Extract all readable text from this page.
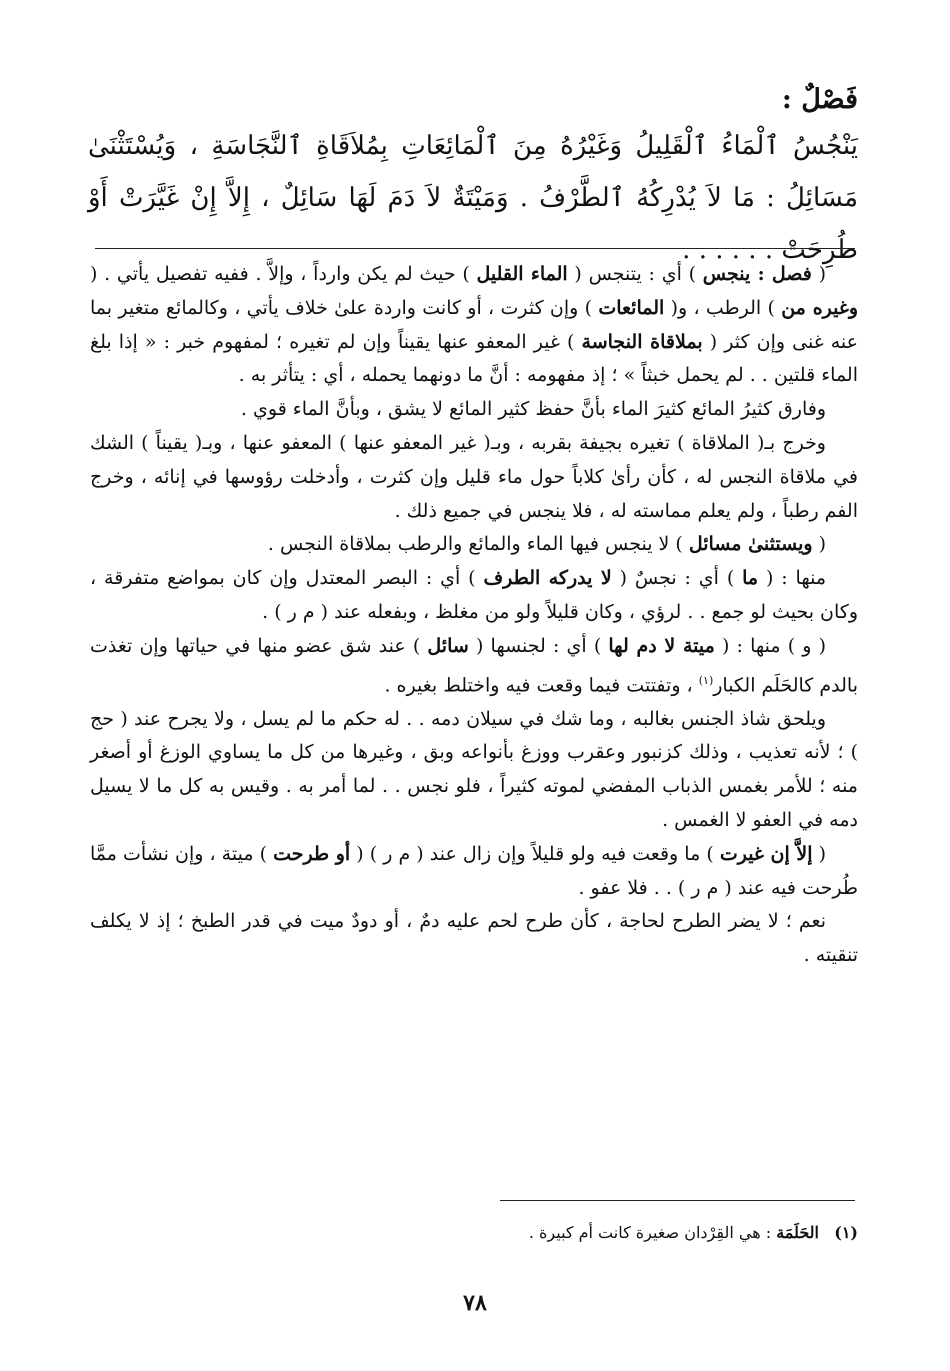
فَصْلٌ :

يَنْجُسُ ٱلْمَاءُ ٱلْقَلِيلُ وَغَيْرُهُ مِنَ ٱلْمَائِعَاتِ بِمُلاَقَاةِ ٱلنَّجَاسَةِ ، وَيُسْتَثْنَىٰ مَسَائِلُ : مَا لاَ يُدْرِكُهُ ٱلطَّرْفُ . وَمَيْتَةٌ لاَ دَمَ لَهَا سَائِلٌ ، إِلاَّ إِنْ غَيَّرَتْ أَوْ طُرِحَتْ . . . . . .

( فصل : ينجس ) أي : يتنجس ( الماء القليل ) حيث لم يكن وارداً ، وإلاَّ . ففيه تفصيل يأتي . ( وغيره من ) الرطب ، و( المائعات ) وإن كثرت ، أو كانت واردة علىٰ خلاف يأتي ، وكالمائع متغير بما عنه غنى وإن كثر ( بملاقاة النجاسة ) غير المعفو عنها يقيناً وإن لم تغيره ؛ لمفهوم خبر : « إذا بلغ الماء قلتين . . لم يحمل خبثاً » ؛ إذ مفهومه : أنَّ ما دونهما يحمله ، أي : يتأثر به .

وفارق كثيرُ المائع كثيرَ الماء بأنَّ حفظ كثير المائع لا يشق ، وبأنَّ الماء قوي .

وخرج بـ( الملاقاة ) تغيره بجيفة بقربه ، وبـ( غير المعفو عنها ) المعفو عنها ، وبـ( يقيناً ) الشك في ملاقاة النجس له ، كأن رأىٰ كلاباً حول ماء قليل وإن كثرت ، وأدخلت رؤوسها في إنائه ، وخرج الفم رطباً ، ولم يعلم مماسته له ، فلا ينجس في جميع ذلك .

( ويستثنىٰ مسائل ) لا ينجس فيها الماء والمائع والرطب بملاقاة النجس .

منها : ( ما ) أي : نجسٌ ( لا يدركه الطرف ) أي : البصر المعتدل وإن كان بمواضع متفرقة ، وكان بحيث لو جمع . . لرؤي ، وكان قليلاً ولو من مغلظ ، وبفعله عند ( م ر ) .

( و ) منها : ( ميتة لا دم لها ) أي : لجنسها ( سائل ) عند شق عضو منها في حياتها وإن تغذت بالدم كالحَلَم الكبار$^{(١)}$ ، وتفتتت فيما وقعت فيه واختلط بغيره .

ويلحق شاذ الجنس بغالبه ، وما شك في سيلان دمه . . له حكم ما لم يسل ، ولا يجرح عند ( حج ) ؛ لأنه تعذيب ، وذلك كزنبور وعقرب ووزغ بأنواعه وبق ، وغيرها من كل ما يساوي الوزغ أو أصغر منه ؛ للأمر بغمس الذباب المفضي لموته كثيراً ، فلو نجس . . لما أمر به . وقيس به كل ما لا يسيل دمه في العفو لا الغمس .

( إلاَّ إن غيرت ) ما وقعت فيه ولو قليلاً وإن زال عند ( م ر ) ( أو طرحت ) ميتة ، وإن نشأت ممَّا طُرحت فيه عند ( م ر ) . . فلا عفو .

نعم ؛ لا يضر الطرح لحاجة ، كأن طرح لحم عليه دمٌ ، أو دودٌ ميت في قدر الطبخ ؛ إذ لا يكلف تنقيته .

(١)   الحَلَمَة : هي القِرْدان صغيرة كانت أم كبيرة .

٧٨
